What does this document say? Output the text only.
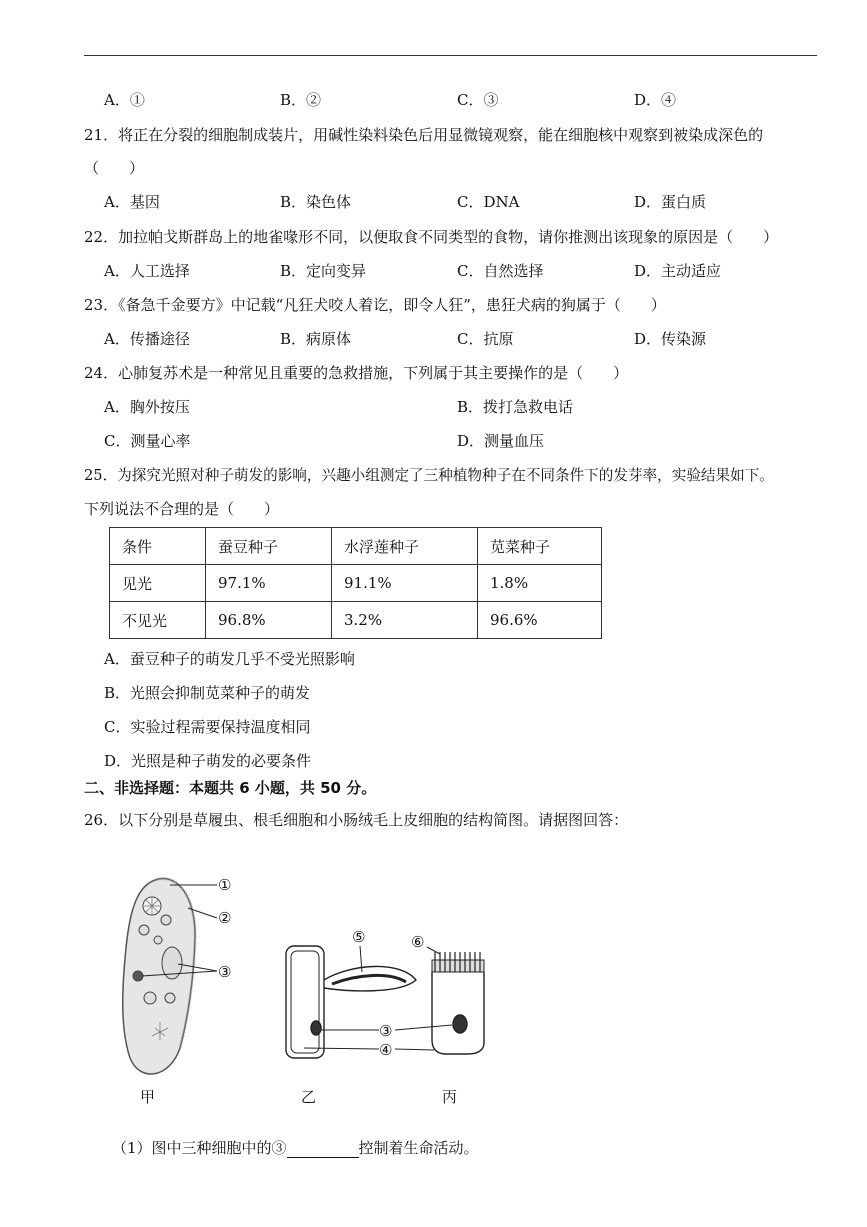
A．①	B．②	C．③	D．④
21．将正在分裂的细胞制成装片，用碱性染料染色后用显微镜观察，能在细胞核中观察到被染成深色的
（　　）
A．基因	B．染色体	C．DNA	D．蛋白质
22．加拉帕戈斯群岛上的地雀喙形不同，以便取食不同类型的食物，请你推测出该现象的原因是（　　）
A．人工选择	B．定向变异	C．自然选择	D．主动适应
23．《备急千金要方》中记载“凡狂犬咬人着讫，即令人狂”，患狂犬病的狗属于（　　）
A．传播途径	B．病原体	C．抗原	D．传染源
24．心肺复苏术是一种常见且重要的急救措施，下列属于其主要操作的是（　　）
A．胸外按压	B．拨打急救电话
C．测量心率	D．测量血压
25．为探究光照对种子萌发的影响，兴趣小组测定了三种植物种子在不同条件下的发芽率，实验结果如下。
下列说法不合理的是（　　）
条件	蚕豆种子	水浮莲种子	苋菜种子
见光	97.1%	91.1%	1.8%
不见光	96.8%	3.2%	96.6%
A．蚕豆种子的萌发几乎不受光照影响
B．光照会抑制苋菜种子的萌发
C．实验过程需要保持温度相同
D．光照是种子萌发的必要条件
二、非选择题：本题共 6 小题，共 50 分。
26．以下分别是草履虫、根毛细胞和小肠绒毛上皮细胞的结构简图。请据图回答：
①
②
③
⑤	⑥
③
④
甲	乙	丙
（1）图中三种细胞中的③	控制着生命活动。
